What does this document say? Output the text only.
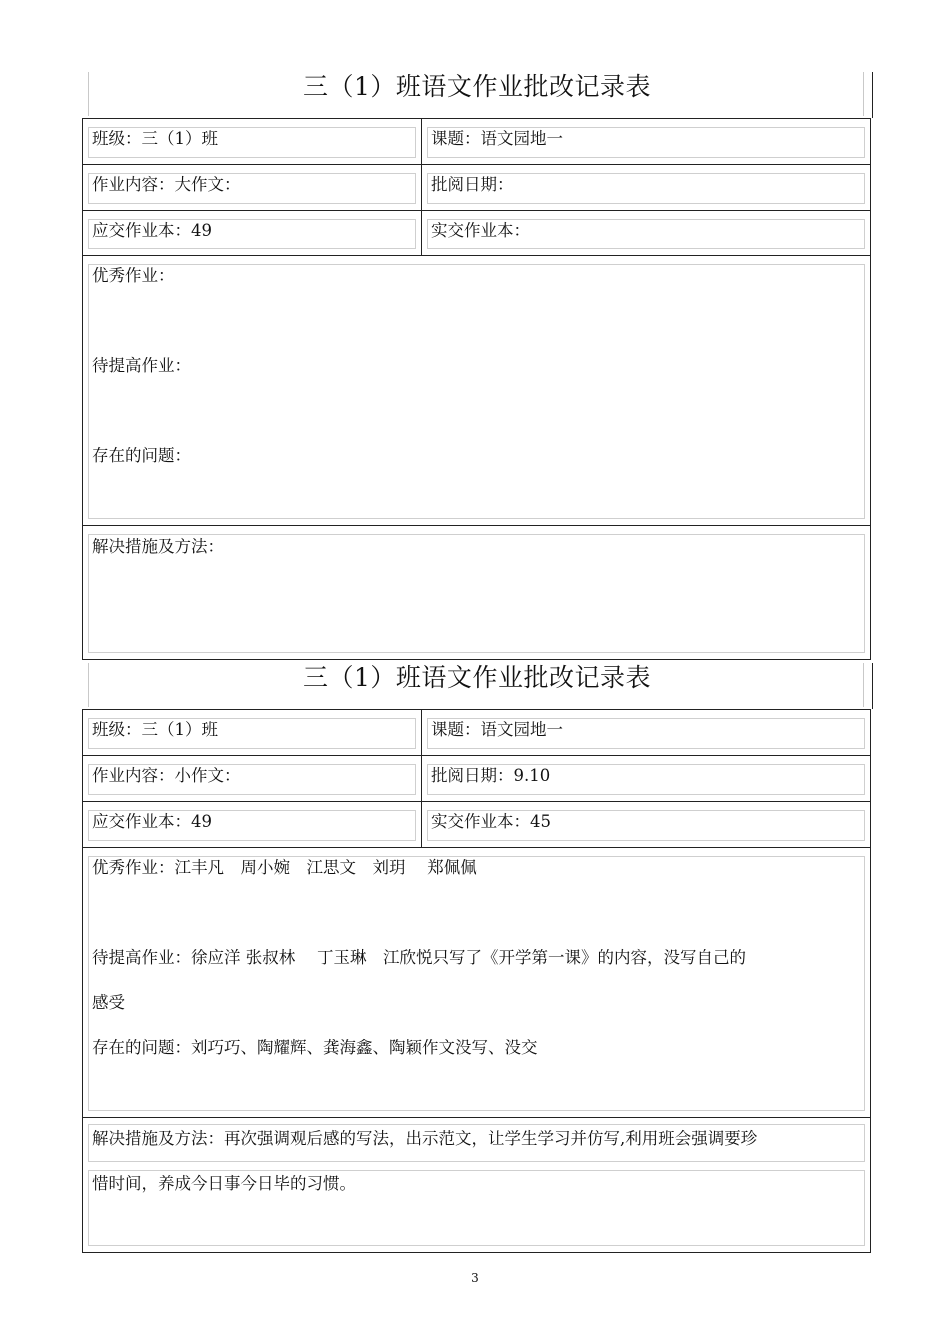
三（1）班语文作业批改记录表
班级：三（1）班	课题：语文园地一
作业内容：大作文：	批阅日期：
应交作业本：49	实交作业本：
优秀作业：
待提高作业：
存在的问题：
解决措施及方法：
三（1）班语文作业批改记录表
班级：三（1）班	课题：语文园地一
作业内容：小作文：	批阅日期：9.10
应交作业本：49	实交作业本：45
优秀作业：江丰凡　周小婉　江思文　刘玥　 郑佩佩
待提高作业：徐应洋 张叔林　 丁玉琳　江欣悦只写了《开学第一课》的内容，没写自己的
感受
存在的问题：刘巧巧、陶耀辉、龚海鑫、陶颖作文没写、没交
解决措施及方法：再次强调观后感的写法，出示范文，让学生学习并仿写,利用班会强调要珍
惜时间，养成今日事今日毕的习惯。
3
